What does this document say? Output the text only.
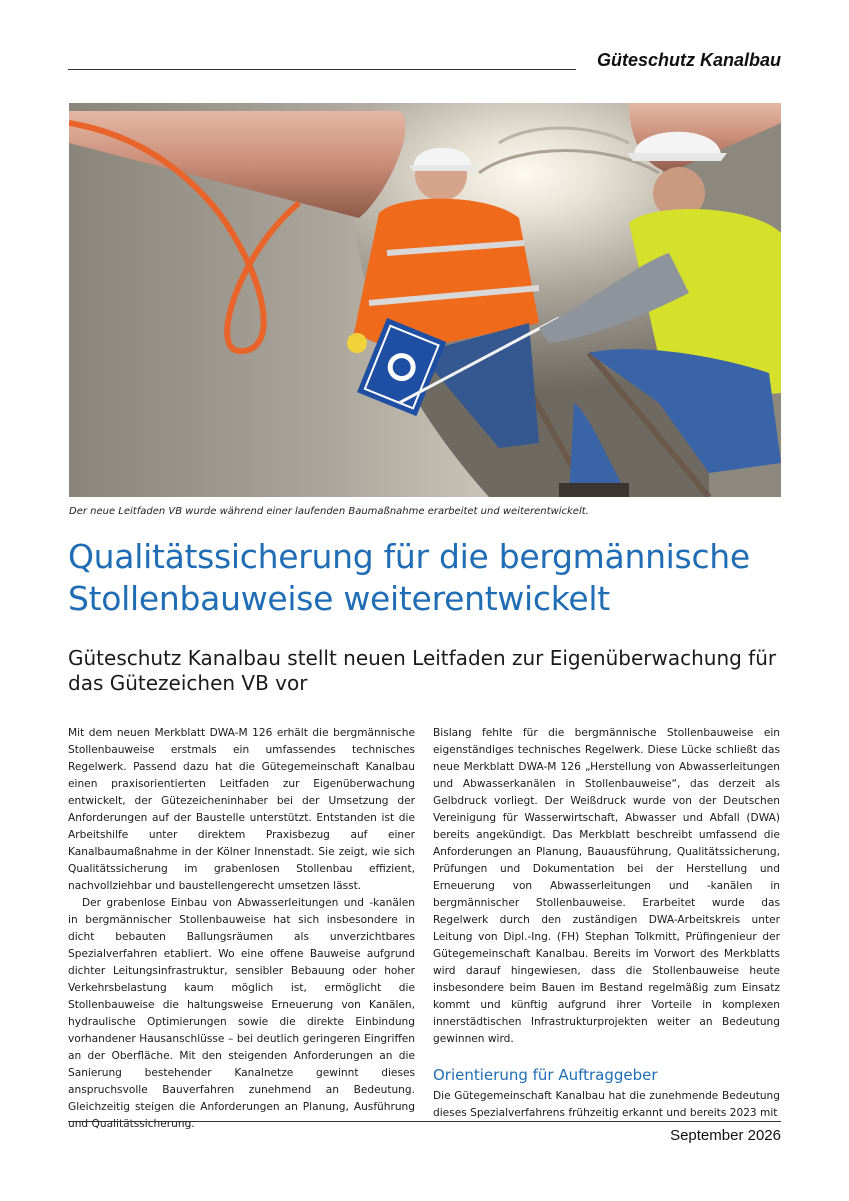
Güteschutz Kanalbau
Der neue Leitfaden VB wurde während einer laufenden Baumaßnahme erarbeitet und weiterentwickelt.
Qualitätssicherung für die bergmännische Stollenbauweise weiterentwickelt
Güteschutz Kanalbau stellt neuen Leitfaden zur Eigenüberwachung für das Gütezeichen VB vor

Mit dem neuen Merkblatt DWA-M 126 erhält die bergmännische Stollenbauweise erstmals ein umfassendes technisches Regelwerk. Passend dazu hat die Gütegemeinschaft Kanalbau einen praxisorientierten Leitfaden zur Eigenüberwachung entwickelt, der Gütezeicheninhaber bei der Umsetzung der Anforderungen auf der Baustelle unterstützt. Entstanden ist die Arbeitshilfe unter direktem Praxisbezug auf einer Kanalbaumaßnahme in der Kölner Innenstadt. Sie zeigt, wie sich Qualitätssicherung im grabenlosen Stollenbau effizient, nachvollziehbar und baustellengerecht umsetzen lässt.

Der grabenlose Einbau von Abwasserleitungen und -kanälen in bergmännischer Stollenbauweise hat sich insbesondere in dicht bebauten Ballungsräumen als unverzichtbares Spezialverfahren etabliert. Wo eine offene Bauweise aufgrund dichter Leitungsinfrastruktur, sensibler Bebauung oder hoher Verkehrsbelastung kaum möglich ist, ermöglicht die Stollenbauweise die haltungsweise Erneuerung von Kanälen, hydraulische Optimierungen sowie die direkte Einbindung vorhandener Hausanschlüsse – bei deutlich geringeren Eingriffen an der Oberfläche. Mit den steigenden Anforderungen an die Sanierung bestehender Kanalnetze gewinnt dieses anspruchsvolle Bauverfahren zunehmend an Bedeutung. Gleichzeitig steigen die Anforderungen an Planung, Ausführung und Qualitätssicherung.

Bislang fehlte für die bergmännische Stollenbauweise ein eigenständiges technisches Regelwerk. Diese Lücke schließt das neue Merkblatt DWA-M 126 „Herstellung von Abwasserleitungen und Abwasserkanälen in Stollenbauweise“, das derzeit als Gelbdruck vorliegt. Der Weißdruck wurde von der Deutschen Vereinigung für Wasserwirtschaft, Abwasser und Abfall (DWA) bereits angekündigt. Das Merkblatt beschreibt umfassend die Anforderungen an Planung, Bauausführung, Qualitätssicherung, Prüfungen und Dokumentation bei der Herstellung und Erneuerung von Abwasserleitungen und -kanälen in bergmännischer Stollenbauweise. Erarbeitet wurde das Regelwerk durch den zuständigen DWA-Arbeitskreis unter Leitung von Dipl.-Ing. (FH) Stephan Tolkmitt, Prüfingenieur der Gütegemeinschaft Kanalbau. Bereits im Vorwort des Merkblatts wird darauf hingewiesen, dass die Stollenbauweise heute insbesondere beim Bauen im Bestand regelmäßig zum Einsatz kommt und künftig aufgrund ihrer Vorteile in komplexen innerstädtischen Infrastrukturprojekten weiter an Bedeutung gewinnen wird.

Orientierung für Auftraggeber

Die Gütegemeinschaft Kanalbau hat die zunehmende Bedeutung dieses Spezialverfahrens frühzeitig erkannt und bereits 2023 mit

September 2026
